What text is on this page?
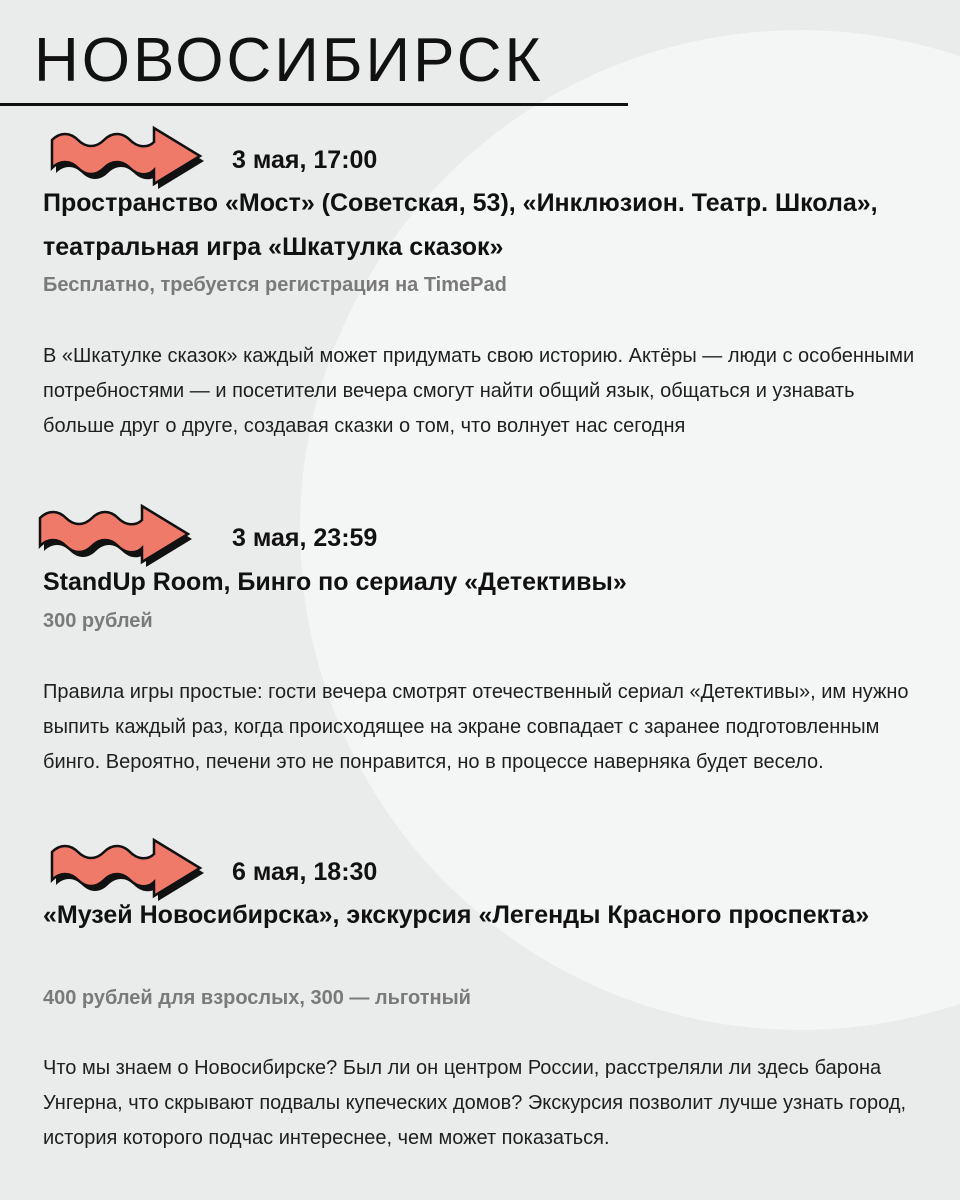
НОВОСИБИРСК
3 мая, 17:00

Пространство «Мост» (Советская, 53), «Инклюзион. Театр. Школа», театральная игра «Шкатулка сказок»

Бесплатно, требуется регистрация на TimePad

В «Шкатулке сказок» каждый может придумать свою историю. Актёры — люди с особенными потребностями — и посетители вечера смогут найти общий язык, общаться и узнавать больше друг о друге, создавая сказки о том, что волнует нас сегодня

3 мая, 23:59

StandUp Room, Бинго по сериалу «Детективы»

300 рублей

Правила игры простые: гости вечера смотрят отечественный сериал «Детективы», им нужно выпить каждый раз, когда происходящее на экране совпадает с заранее подготовленным бинго. Вероятно, печени это не понравится, но в процессе наверняка будет весело.

6 мая, 18:30

«Музей Новосибирска», экскурсия «Легенды Красного проспекта»

400 рублей для взрослых, 300 — льготный

Что мы знаем о Новосибирске? Был ли он центром России, расстреляли ли здесь барона Унгерна, что скрывают подвалы купеческих домов? Экскурсия позволит лучше узнать город, история которого подчас интереснее, чем может показаться.
